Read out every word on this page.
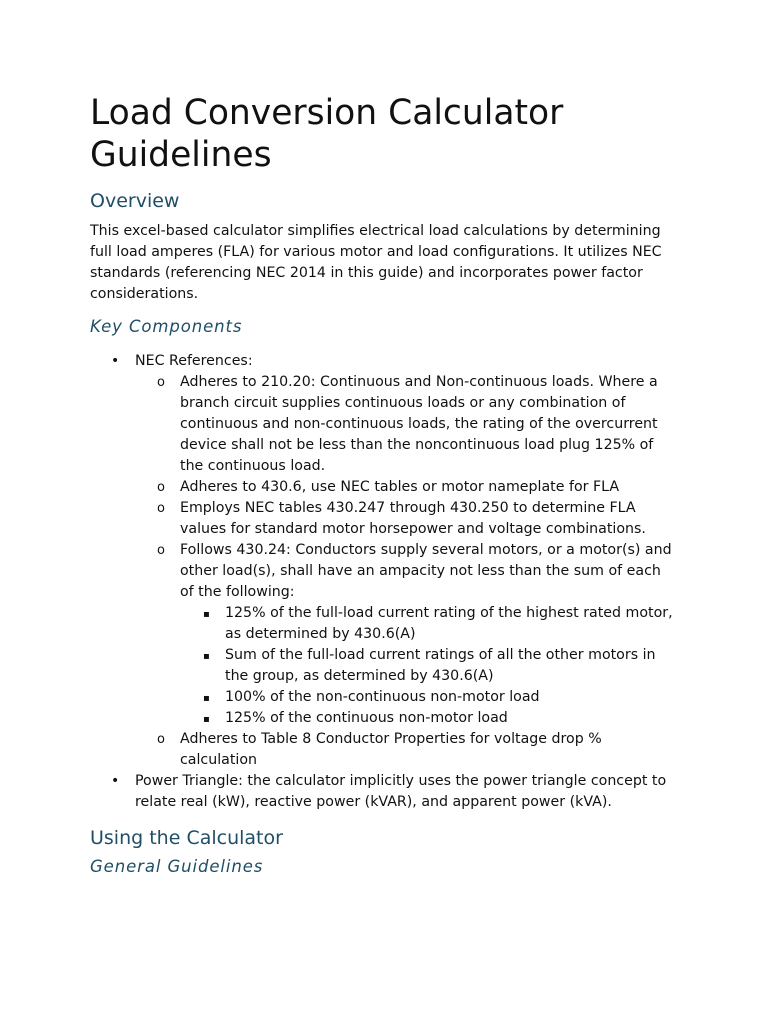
Load Conversion Calculator Guidelines
Overview

This excel-based calculator simplifies electrical load calculations by determining full load amperes (FLA) for various motor and load configurations. It utilizes NEC standards (referencing NEC 2014 in this guide) and incorporates power factor considerations.

Key Components
•	NEC References:
o	Adheres to 210.20: Continuous and Non-continuous loads. Where a branch circuit supplies continuous loads or any combination of continuous and non-continuous loads, the rating of the overcurrent device shall not be less than the noncontinuous load plug 125% of the continuous load.
o	Adheres to 430.6, use NEC tables or motor nameplate for FLA
o	Employs NEC tables 430.247 through 430.250 to determine FLA values for standard motor horsepower and voltage combinations.
o	Follows 430.24: Conductors supply several motors, or a motor(s) and other load(s), shall have an ampacity not less than the sum of each of the following:
▪	125% of the full-load current rating of the highest rated motor, as determined by 430.6(A)
▪	Sum of the full-load current ratings of all the other motors in the group, as determined by 430.6(A)
▪	100% of the non-continuous non-motor load
▪	125% of the continuous non-motor load
o	Adheres to Table 8 Conductor Properties for voltage drop % calculation
•	Power Triangle: the calculator implicitly uses the power triangle concept to relate real (kW), reactive power (kVAR), and apparent power (kVA).
Using the Calculator
General Guidelines
